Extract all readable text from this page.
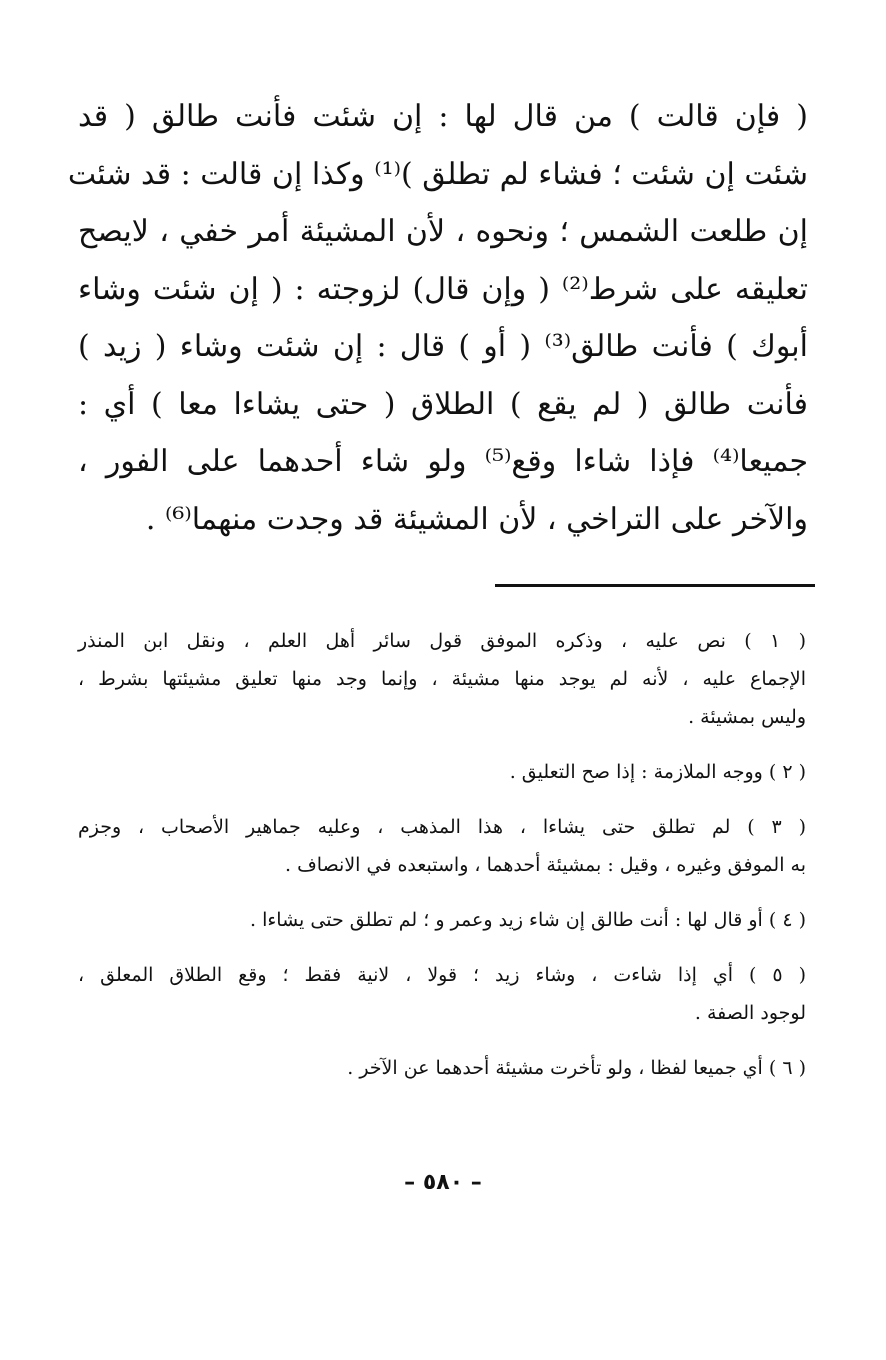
( فإن قالت ) من قال لها : إن شئت فأنت طالق ( قد
شئت إن شئت ؛ فشاء لم تطلق )⁽¹⁾ وكذا إن قالت : قد شئت
إن طلعت الشمس ؛ ونحوه ، لأن المشيئة أمر خفي ، لايصح
تعليقه على شرط⁽²⁾ ( وإن قال) لزوجته : ( إن شئت وشاء
أبوك ) فأنت طالق⁽³⁾ ( أو ) قال : إن شئت وشاء ( زيد )
فأنت طالق ( لم يقع ) الطلاق ( حتى يشاءا معا ) أي :
جميعا⁽⁴⁾ فإذا شاءا وقع⁽⁵⁾ ولو شاء أحدهما على الفور ،
والآخر على التراخي ، لأن المشيئة قد وجدت منهما⁽⁶⁾ .
( ١ ) نص عليه ، وذكره الموفق قول سائر أهل العلم ، ونقل ابن المنذر
الإجماع عليه ، لأنه لم يوجد منها مشيئة ، وإنما وجد منها تعليق مشيئتها بشرط ،
وليس بمشيئة .
( ٢ ) ووجه الملازمة : إذا صح التعليق .
( ٣ ) لم تطلق حتى يشاءا ، هذا المذهب ، وعليه جماهير الأصحاب ، وجزم
به الموفق وغيره ، وقيل : بمشيئة أحدهما ، واستبعده في الانصاف .
( ٤ ) أو قال لها : أنت طالق إن شاء زيد وعمر و ؛ لم تطلق حتى يشاءا .
( ٥ ) أي إذا شاءت ، وشاء زيد ؛ قولا ، لانية فقط ؛ وقع الطلاق المعلق ،
لوجود الصفة .
( ٦ ) أي جميعا لفظا ، ولو تأخرت مشيئة أحدهما عن الآخر .
– ٥٨٠ –
